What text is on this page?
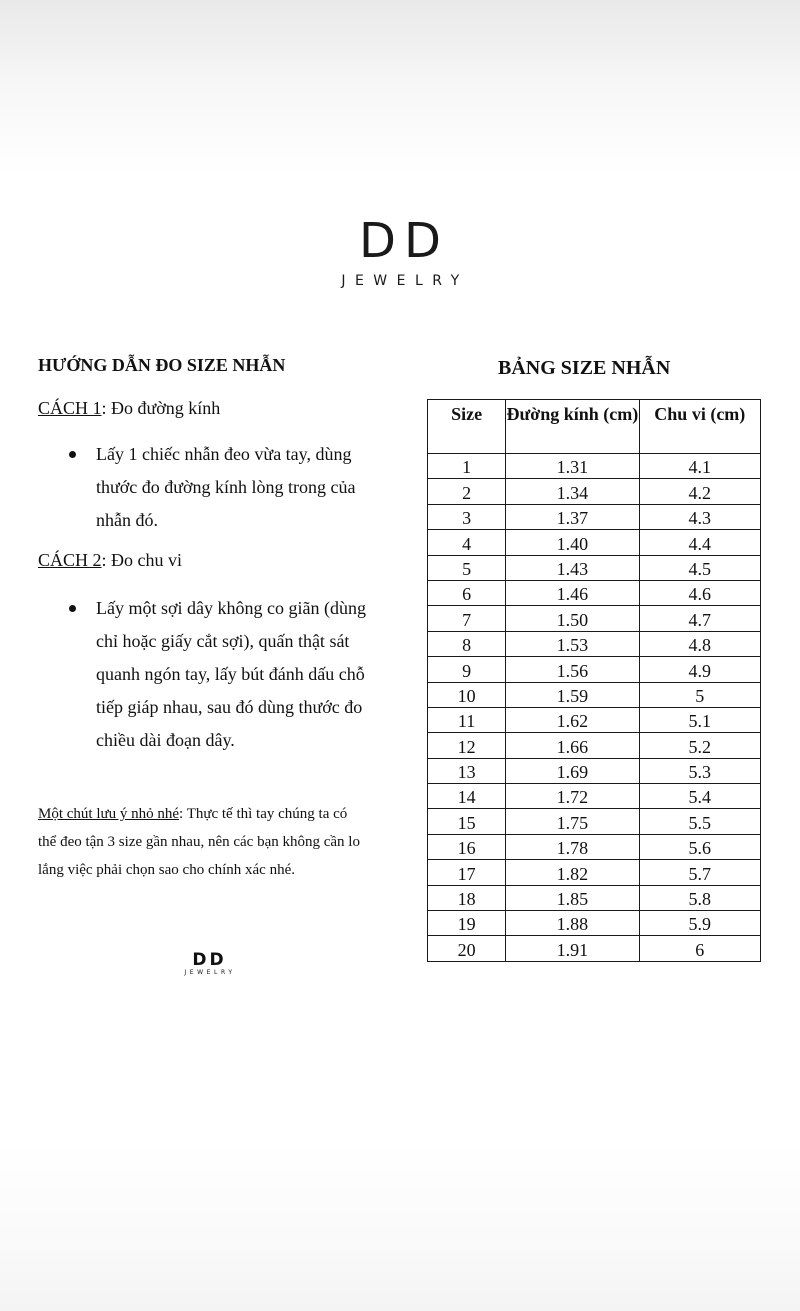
DD
JEWELRY
HƯỚNG DẪN ĐO SIZE NHẪN
CÁCH 1: Đo đường kính
Lấy 1 chiếc nhẫn đeo vừa tay, dùng thước đo đường kính lòng trong của nhẫn đó.
CÁCH 2: Đo chu vi
Lấy một sợi dây không co giãn (dùng chỉ hoặc giấy cắt sợi), quấn thật sát quanh ngón tay, lấy bút đánh dấu chỗ tiếp giáp nhau, sau đó dùng thước đo chiều dài đoạn dây.
Một chút lưu ý nhỏ nhé: Thực tế thì tay chúng ta có thể đeo tận 3 size gần nhau, nên các bạn không cần lo lắng việc phải chọn sao cho chính xác nhé.
DD
JEWELRY
BẢNG SIZE NHẪN
Size	Đường kính (cm)	Chu vi (cm)
1	1.31	4.1
2	1.34	4.2
3	1.37	4.3
4	1.40	4.4
5	1.43	4.5
6	1.46	4.6
7	1.50	4.7
8	1.53	4.8
9	1.56	4.9
10	1.59	5
11	1.62	5.1
12	1.66	5.2
13	1.69	5.3
14	1.72	5.4
15	1.75	5.5
16	1.78	5.6
17	1.82	5.7
18	1.85	5.8
19	1.88	5.9
20	1.91	6
